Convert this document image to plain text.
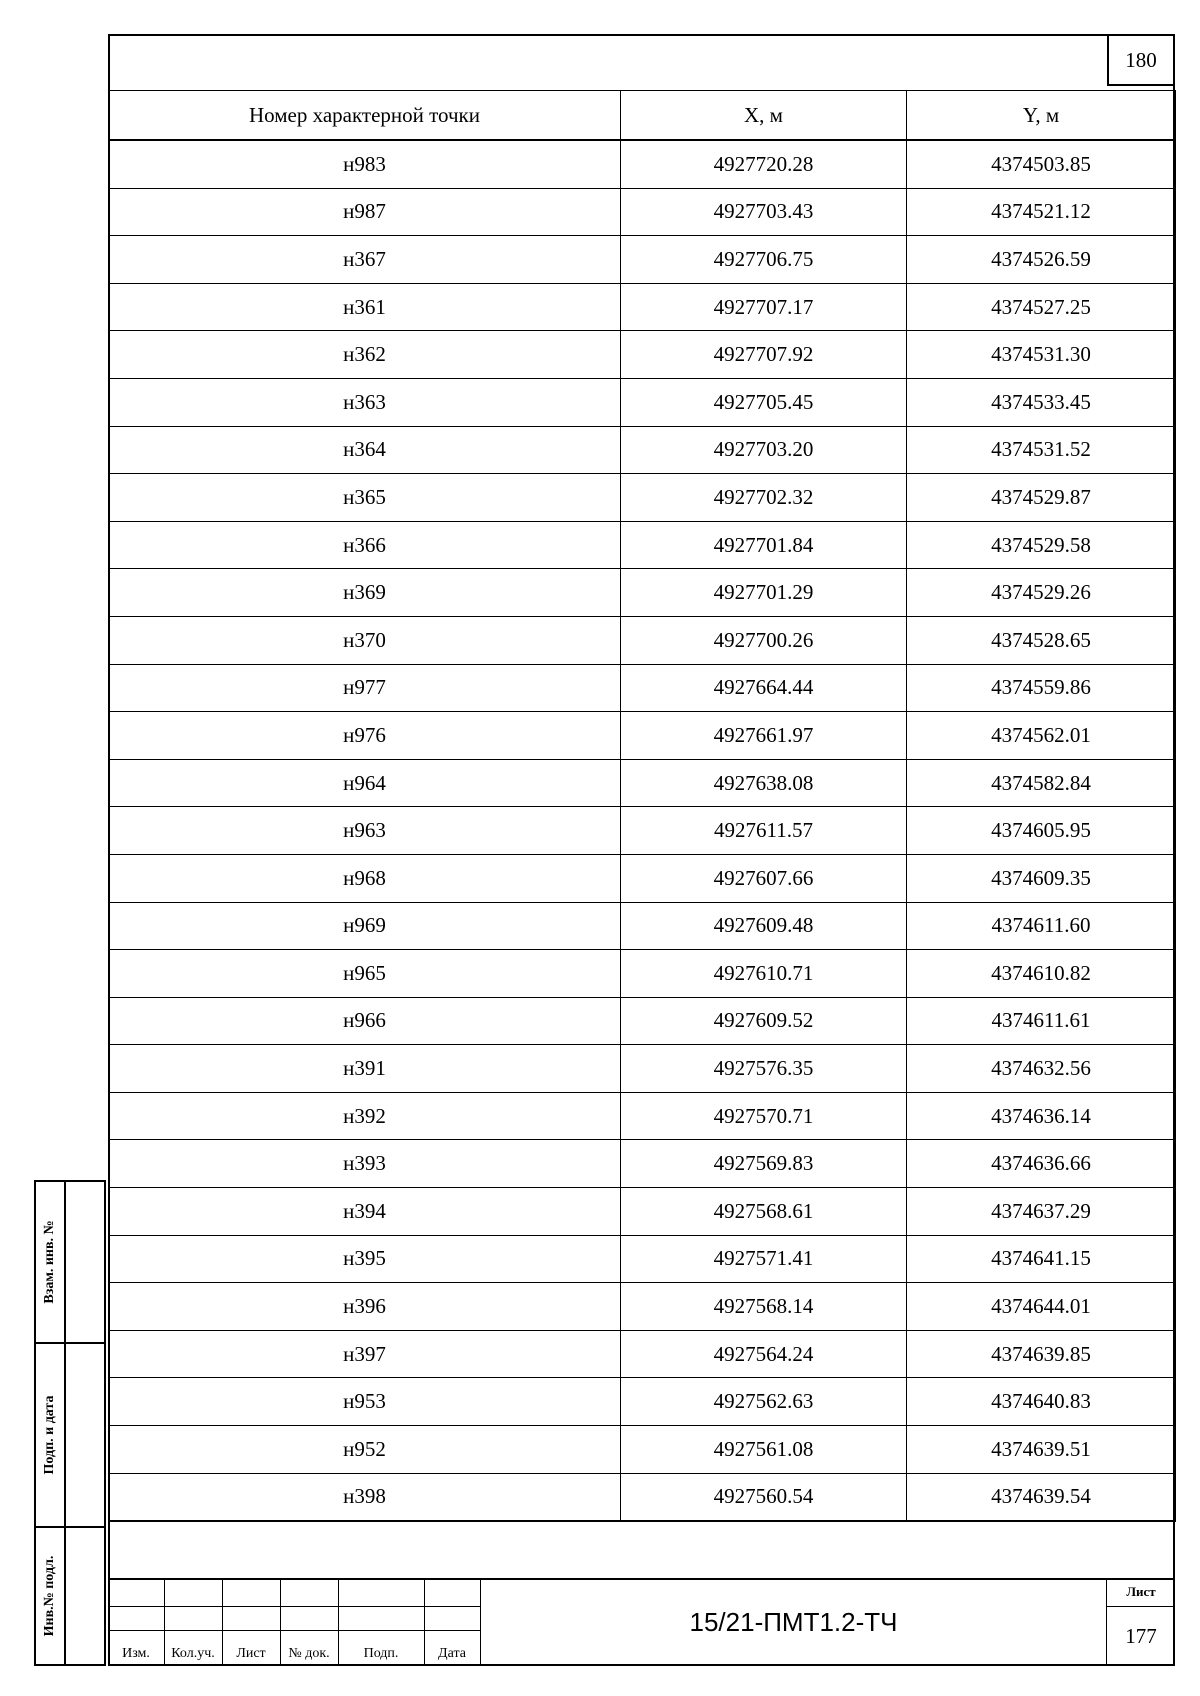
180
Номер характерной точки	X, м	Y, м
н983	4927720.28	4374503.85
н987	4927703.43	4374521.12
н367	4927706.75	4374526.59
н361	4927707.17	4374527.25
н362	4927707.92	4374531.30
н363	4927705.45	4374533.45
н364	4927703.20	4374531.52
н365	4927702.32	4374529.87
н366	4927701.84	4374529.58
н369	4927701.29	4374529.26
н370	4927700.26	4374528.65
н977	4927664.44	4374559.86
н976	4927661.97	4374562.01
н964	4927638.08	4374582.84
н963	4927611.57	4374605.95
н968	4927607.66	4374609.35
н969	4927609.48	4374611.60
н965	4927610.71	4374610.82
н966	4927609.52	4374611.61
н391	4927576.35	4374632.56
н392	4927570.71	4374636.14
н393	4927569.83	4374636.66
н394	4927568.61	4374637.29
н395	4927571.41	4374641.15
н396	4927568.14	4374644.01
н397	4927564.24	4374639.85
н953	4927562.63	4374640.83
н952	4927561.08	4374639.51
н398	4927560.54	4374639.54
Взам. инв. №
Подп. и дата
Инв.№ подл.
Изм.	Кол.уч.	Лист	№ док.	Подп.	Дата
15/21-ПМТ1.2-ТЧ
Лист
177
